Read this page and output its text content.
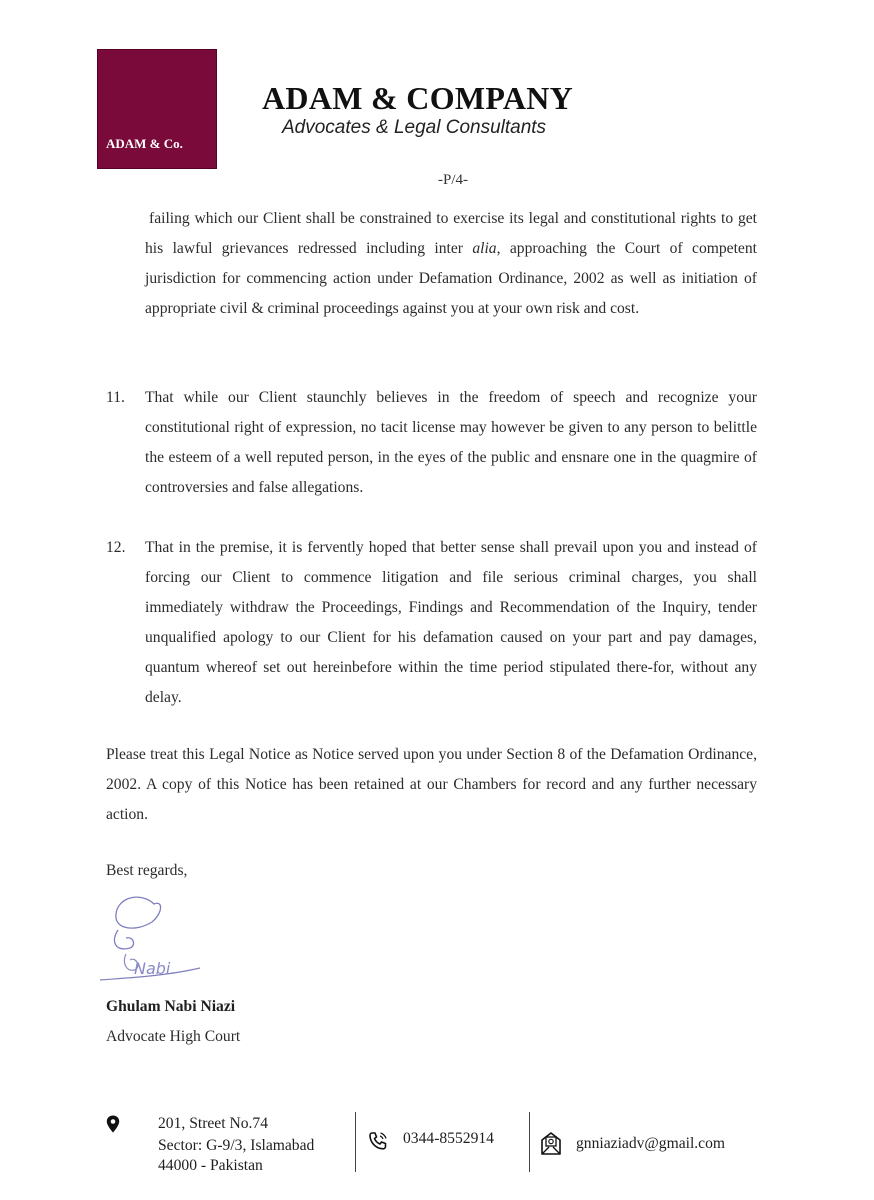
ADAM & Co.
ADAM & COMPANY
Advocates & Legal Consultants
-P/4-
failing which our Client shall be constrained to exercise its legal and constitutional rights to get his lawful grievances redressed including inter alia, approaching the Court of competent jurisdiction for commencing action under Defamation Ordinance, 2002 as well as initiation of appropriate civil & criminal proceedings against you at your own risk and cost.
11. That while our Client staunchly believes in the freedom of speech and recognize your constitutional right of expression, no tacit license may however be given to any person to belittle the esteem of a well reputed person, in the eyes of the public and ensnare one in the quagmire of controversies and false allegations.
12. That in the premise, it is fervently hoped that better sense shall prevail upon you and instead of forcing our Client to commence litigation and file serious criminal charges, you shall immediately withdraw the Proceedings, Findings and Recommendation of the Inquiry, tender unqualified apology to our Client for his defamation caused on your part and pay damages, quantum whereof set out hereinbefore within the time period stipulated there-for, without any delay.
Please treat this Legal Notice as Notice served upon you under Section 8 of the Defamation Ordinance, 2002. A copy of this Notice has been retained at our Chambers for record and any further necessary action.
Best regards,
Nabi
Ghulam Nabi Niazi
Advocate High Court
201, Street No.74
Sector: G-9/3, Islamabad
44000 - Pakistan
0344-8552914	gnniaziadv@gmail.com
